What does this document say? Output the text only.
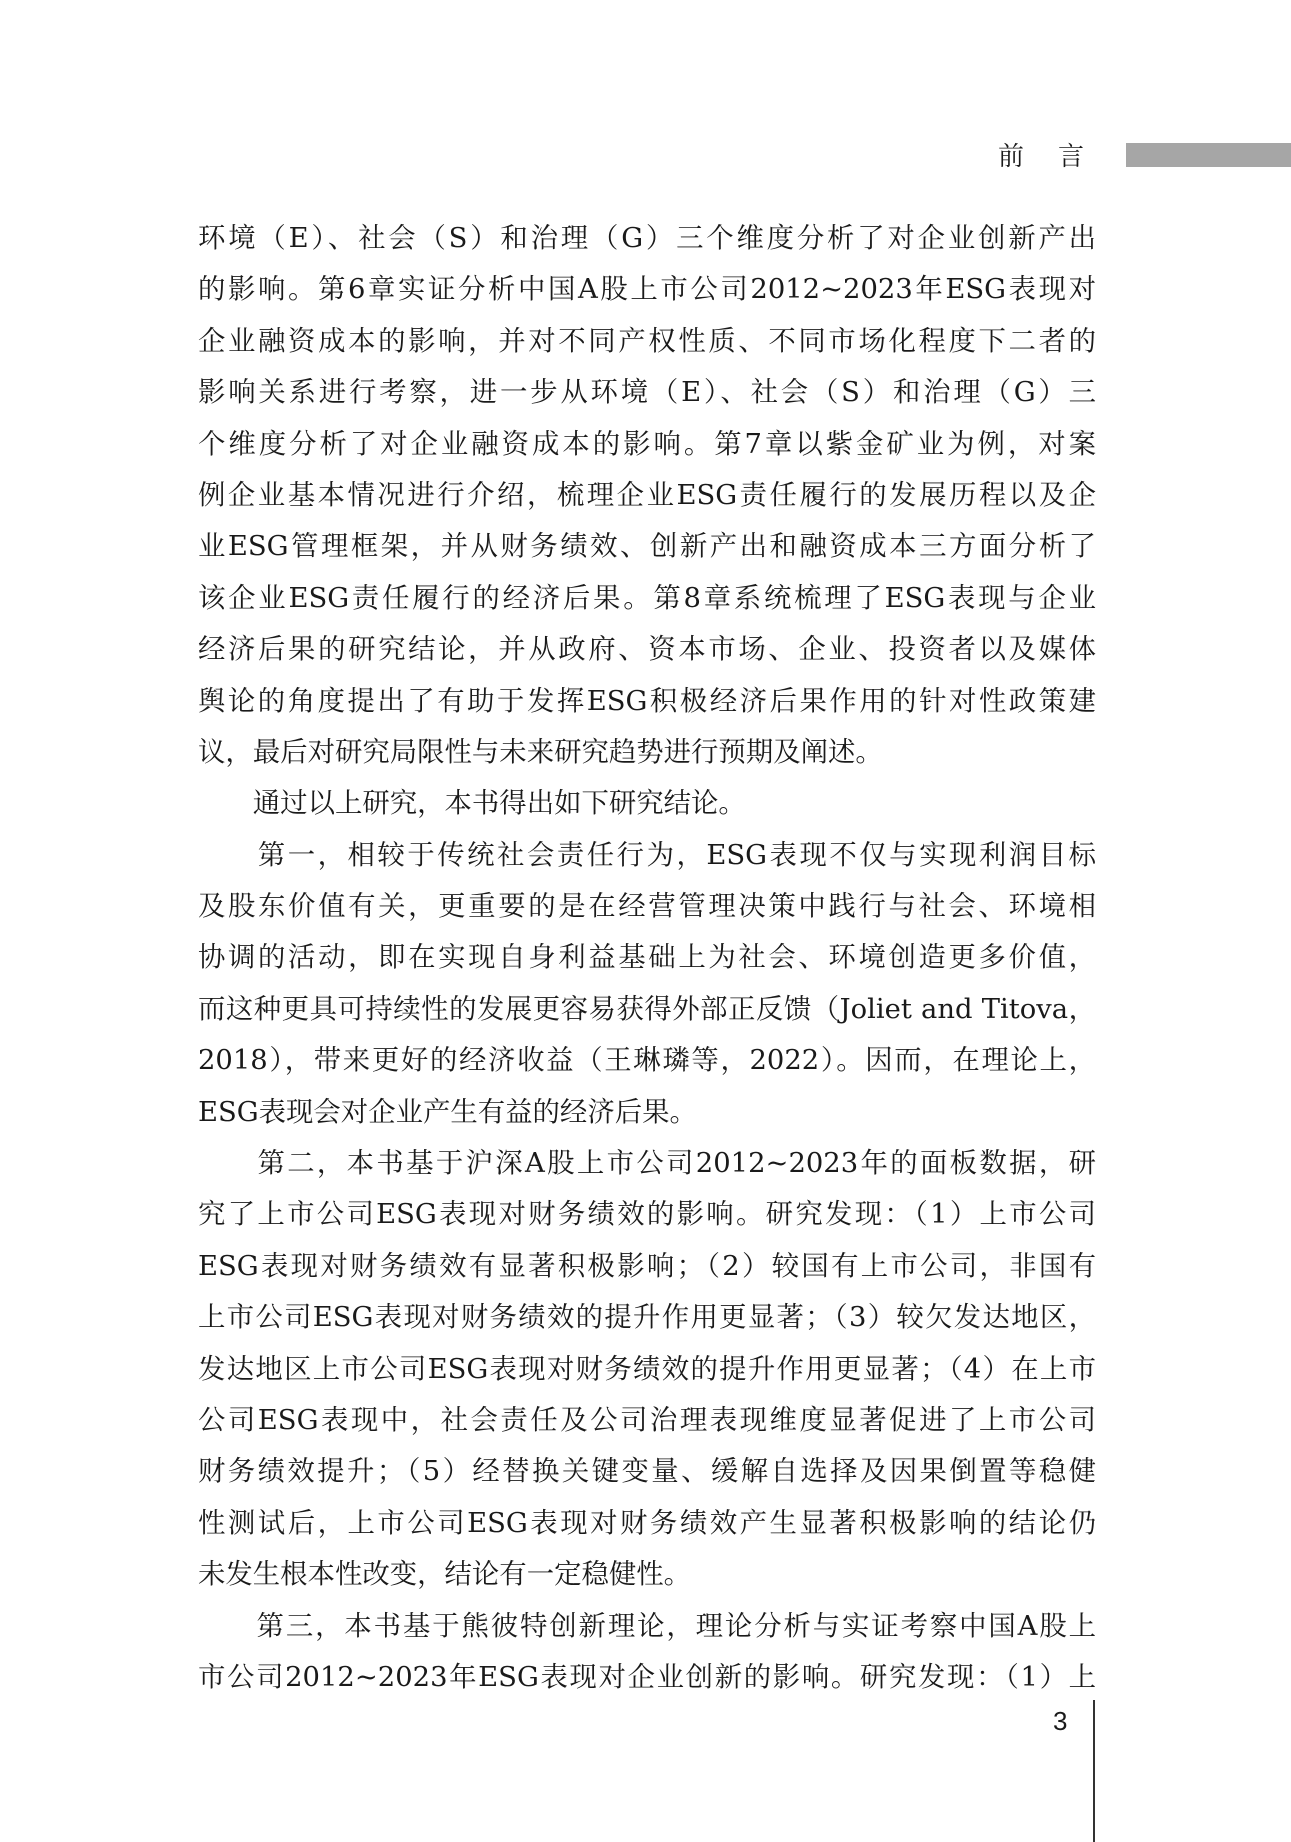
前言
环境（E）、社会（S）和治理（G）三个维度分析了对企业创新产出
的影响。第6章实证分析中国A股上市公司2012~2023年ESG表现对
企业融资成本的影响，并对不同产权性质、不同市场化程度下二者的
影响关系进行考察，进一步从环境（E）、社会（S）和治理（G）三
个维度分析了对企业融资成本的影响。第7章以紫金矿业为例，对案
例企业基本情况进行介绍，梳理企业ESG责任履行的发展历程以及企
业ESG管理框架，并从财务绩效、创新产出和融资成本三方面分析了
该企业ESG责任履行的经济后果。第8章系统梳理了ESG表现与企业
经济后果的研究结论，并从政府、资本市场、企业、投资者以及媒体
舆论的角度提出了有助于发挥ESG积极经济后果作用的针对性政策建
议，最后对研究局限性与未来研究趋势进行预期及阐述。
　　通过以上研究，本书得出如下研究结论。
　　第一，相较于传统社会责任行为，ESG表现不仅与实现利润目标
及股东价值有关，更重要的是在经营管理决策中践行与社会、环境相
协调的活动，即在实现自身利益基础上为社会、环境创造更多价值，
而这种更具可持续性的发展更容易获得外部正反馈（Joliet and Titova，
2018），带来更好的经济收益（王琳璘等，2022）。因而，在理论上，
ESG表现会对企业产生有益的经济后果。
　　第二，本书基于沪深A股上市公司2012~2023年的面板数据，研
究了上市公司ESG表现对财务绩效的影响。研究发现：（1）上市公司
ESG表现对财务绩效有显著积极影响；（2）较国有上市公司，非国有
上市公司ESG表现对财务绩效的提升作用更显著；（3）较欠发达地区，
发达地区上市公司ESG表现对财务绩效的提升作用更显著；（4）在上市
公司ESG表现中，社会责任及公司治理表现维度显著促进了上市公司
财务绩效提升；（5）经替换关键变量、缓解自选择及因果倒置等稳健
性测试后，上市公司ESG表现对财务绩效产生显著积极影响的结论仍
未发生根本性改变，结论有一定稳健性。
　　第三，本书基于熊彼特创新理论，理论分析与实证考察中国A股上
市公司2012~2023年ESG表现对企业创新的影响。研究发现：（1）上
3
